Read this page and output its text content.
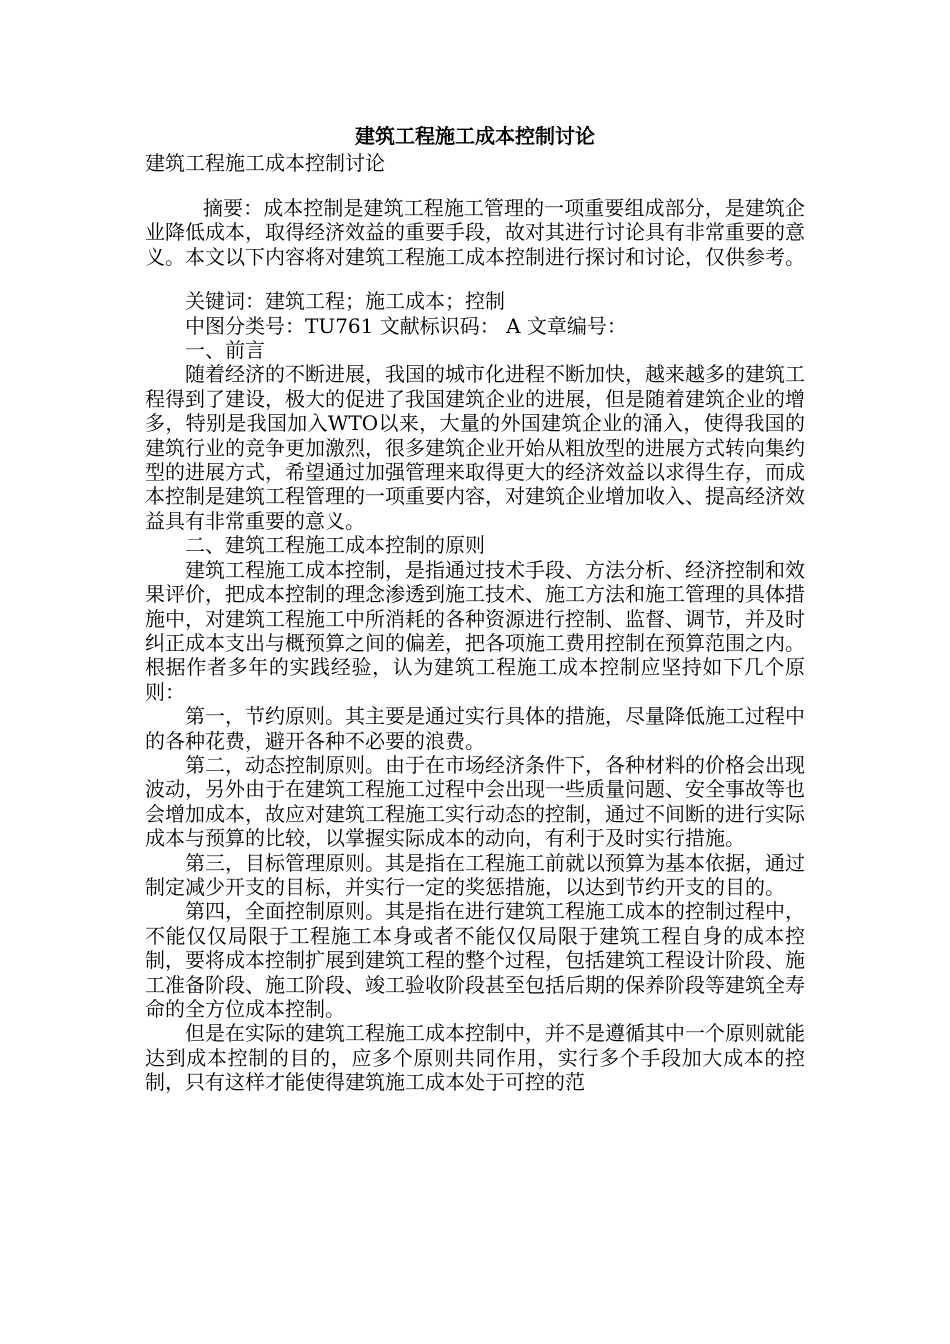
建筑工程施工成本控制讨论
建筑工程施工成本控制讨论

摘要：成本控制是建筑工程施工管理的一项重要组成部分，是建筑企业降低成本，取得经济效益的重要手段，故对其进行讨论具有非常重要的意义。本文以下内容将对建筑工程施工成本控制进行探讨和讨论，仅供参考。

关键词：建筑工程；施工成本；控制

中图分类号：TU761 文献标识码： A 文章编号：

一、前言

随着经济的不断进展，我国的城市化进程不断加快，越来越多的建筑工程得到了建设，极大的促进了我国建筑企业的进展，但是随着建筑企业的增多，特别是我国加入WTO以来，大量的外国建筑企业的涌入，使得我国的建筑行业的竞争更加激烈，很多建筑企业开始从粗放型的进展方式转向集约型的进展方式，希望通过加强管理来取得更大的经济效益以求得生存，而成本控制是建筑工程管理的一项重要内容，对建筑企业增加收入、提高经济效益具有非常重要的意义。

二、建筑工程施工成本控制的原则

建筑工程施工成本控制，是指通过技术手段、方法分析、经济控制和效果评价，把成本控制的理念渗透到施工技术、施工方法和施工管理的具体措施中，对建筑工程施工中所消耗的各种资源进行控制、监督、调节，并及时纠正成本支出与概预算之间的偏差，把各项施工费用控制在预算范围之内。根据作者多年的实践经验，认为建筑工程施工成本控制应坚持如下几个原则：

第一，节约原则。其主要是通过实行具体的措施，尽量降低施工过程中的各种花费，避开各种不必要的浪费。

第二，动态控制原则。由于在市场经济条件下，各种材料的价格会出现波动，另外由于在建筑工程施工过程中会出现一些质量问题、安全事故等也会增加成本，故应对建筑工程施工实行动态的控制，通过不间断的进行实际成本与预算的比较，以掌握实际成本的动向，有利于及时实行措施。

第三，目标管理原则。其是指在工程施工前就以预算为基本依据，通过制定减少开支的目标，并实行一定的奖惩措施，以达到节约开支的目的。

第四，全面控制原则。其是指在进行建筑工程施工成本的控制过程中，不能仅仅局限于工程施工本身或者不能仅仅局限于建筑工程自身的成本控制，要将成本控制扩展到建筑工程的整个过程，包括建筑工程设计阶段、施工准备阶段、施工阶段、竣工验收阶段甚至包括后期的保养阶段等建筑全寿命的全方位成本控制。

但是在实际的建筑工程施工成本控制中，并不是遵循其中一个原则就能达到成本控制的目的，应多个原则共同作用，实行多个手段加大成本的控制，只有这样才能使得建筑施工成本处于可控的范
